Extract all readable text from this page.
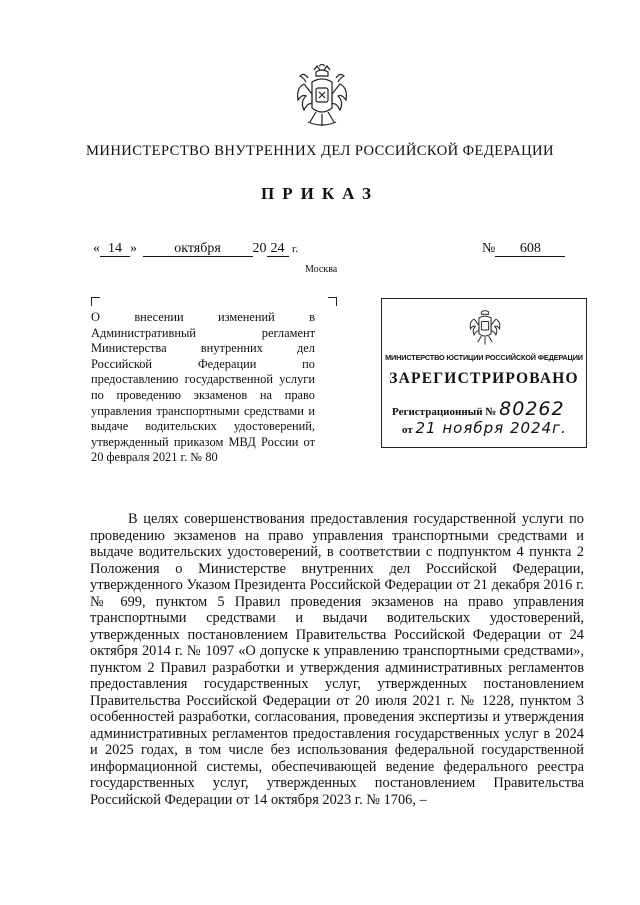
МИНИСТЕРСТВО ВНУТРЕННИХ ДЕЛ РОССИЙСКОЙ ФЕДЕРАЦИИ
ПРИКАЗ
« 14 »	октября 20 24 г.	№ 608
Москва
О внесении изменений в Административный регламент Министерства внутренних дел Российской Федерации по предоставлению государственной услуги по проведению экзаменов на право управления транспортными средствами и выдаче водительских удостоверений, утвержденный приказом МВД России от 20 февраля 2021 г. № 80
МИНИСТЕРСТВО ЮСТИЦИИ РОССИЙСКОЙ ФЕДЕРАЦИИ
ЗАРЕГИСТРИРОВАНО
Регистрационный № 80262
от 21 ноября 2024г.

В целях совершенствования предоставления государственной услуги по проведению экзаменов на право управления транспортными средствами и выдаче водительских удостоверений, в соответствии с подпунктом 4 пункта 2 Положения о Министерстве внутренних дел Российской Федерации, утвержденного Указом Президента Российской Федерации от 21 декабря 2016 г. № 699, пунктом 5 Правил проведения экзаменов на право управления транспортными средствами и выдачи водительских удостоверений, утвержденных постановлением Правительства Российской Федерации от 24 октября 2014 г. № 1097 «О допуске к управлению транспортными средствами», пунктом 2 Правил разработки и утверждения административных регламентов предоставления государственных услуг, утвержденных постановлением Правительства Российской Федерации от 20 июля 2021 г. № 1228, пунктом 3 особенностей разработки, согласования, проведения экспертизы и утверждения административных регламентов предоставления государственных услуг в 2024 и 2025 годах, в том числе без использования федеральной государственной информационной системы, обеспечивающей ведение федерального реестра государственных услуг, утвержденных постановлением Правительства Российской Федерации от 14 октября 2023 г. № 1706, –
